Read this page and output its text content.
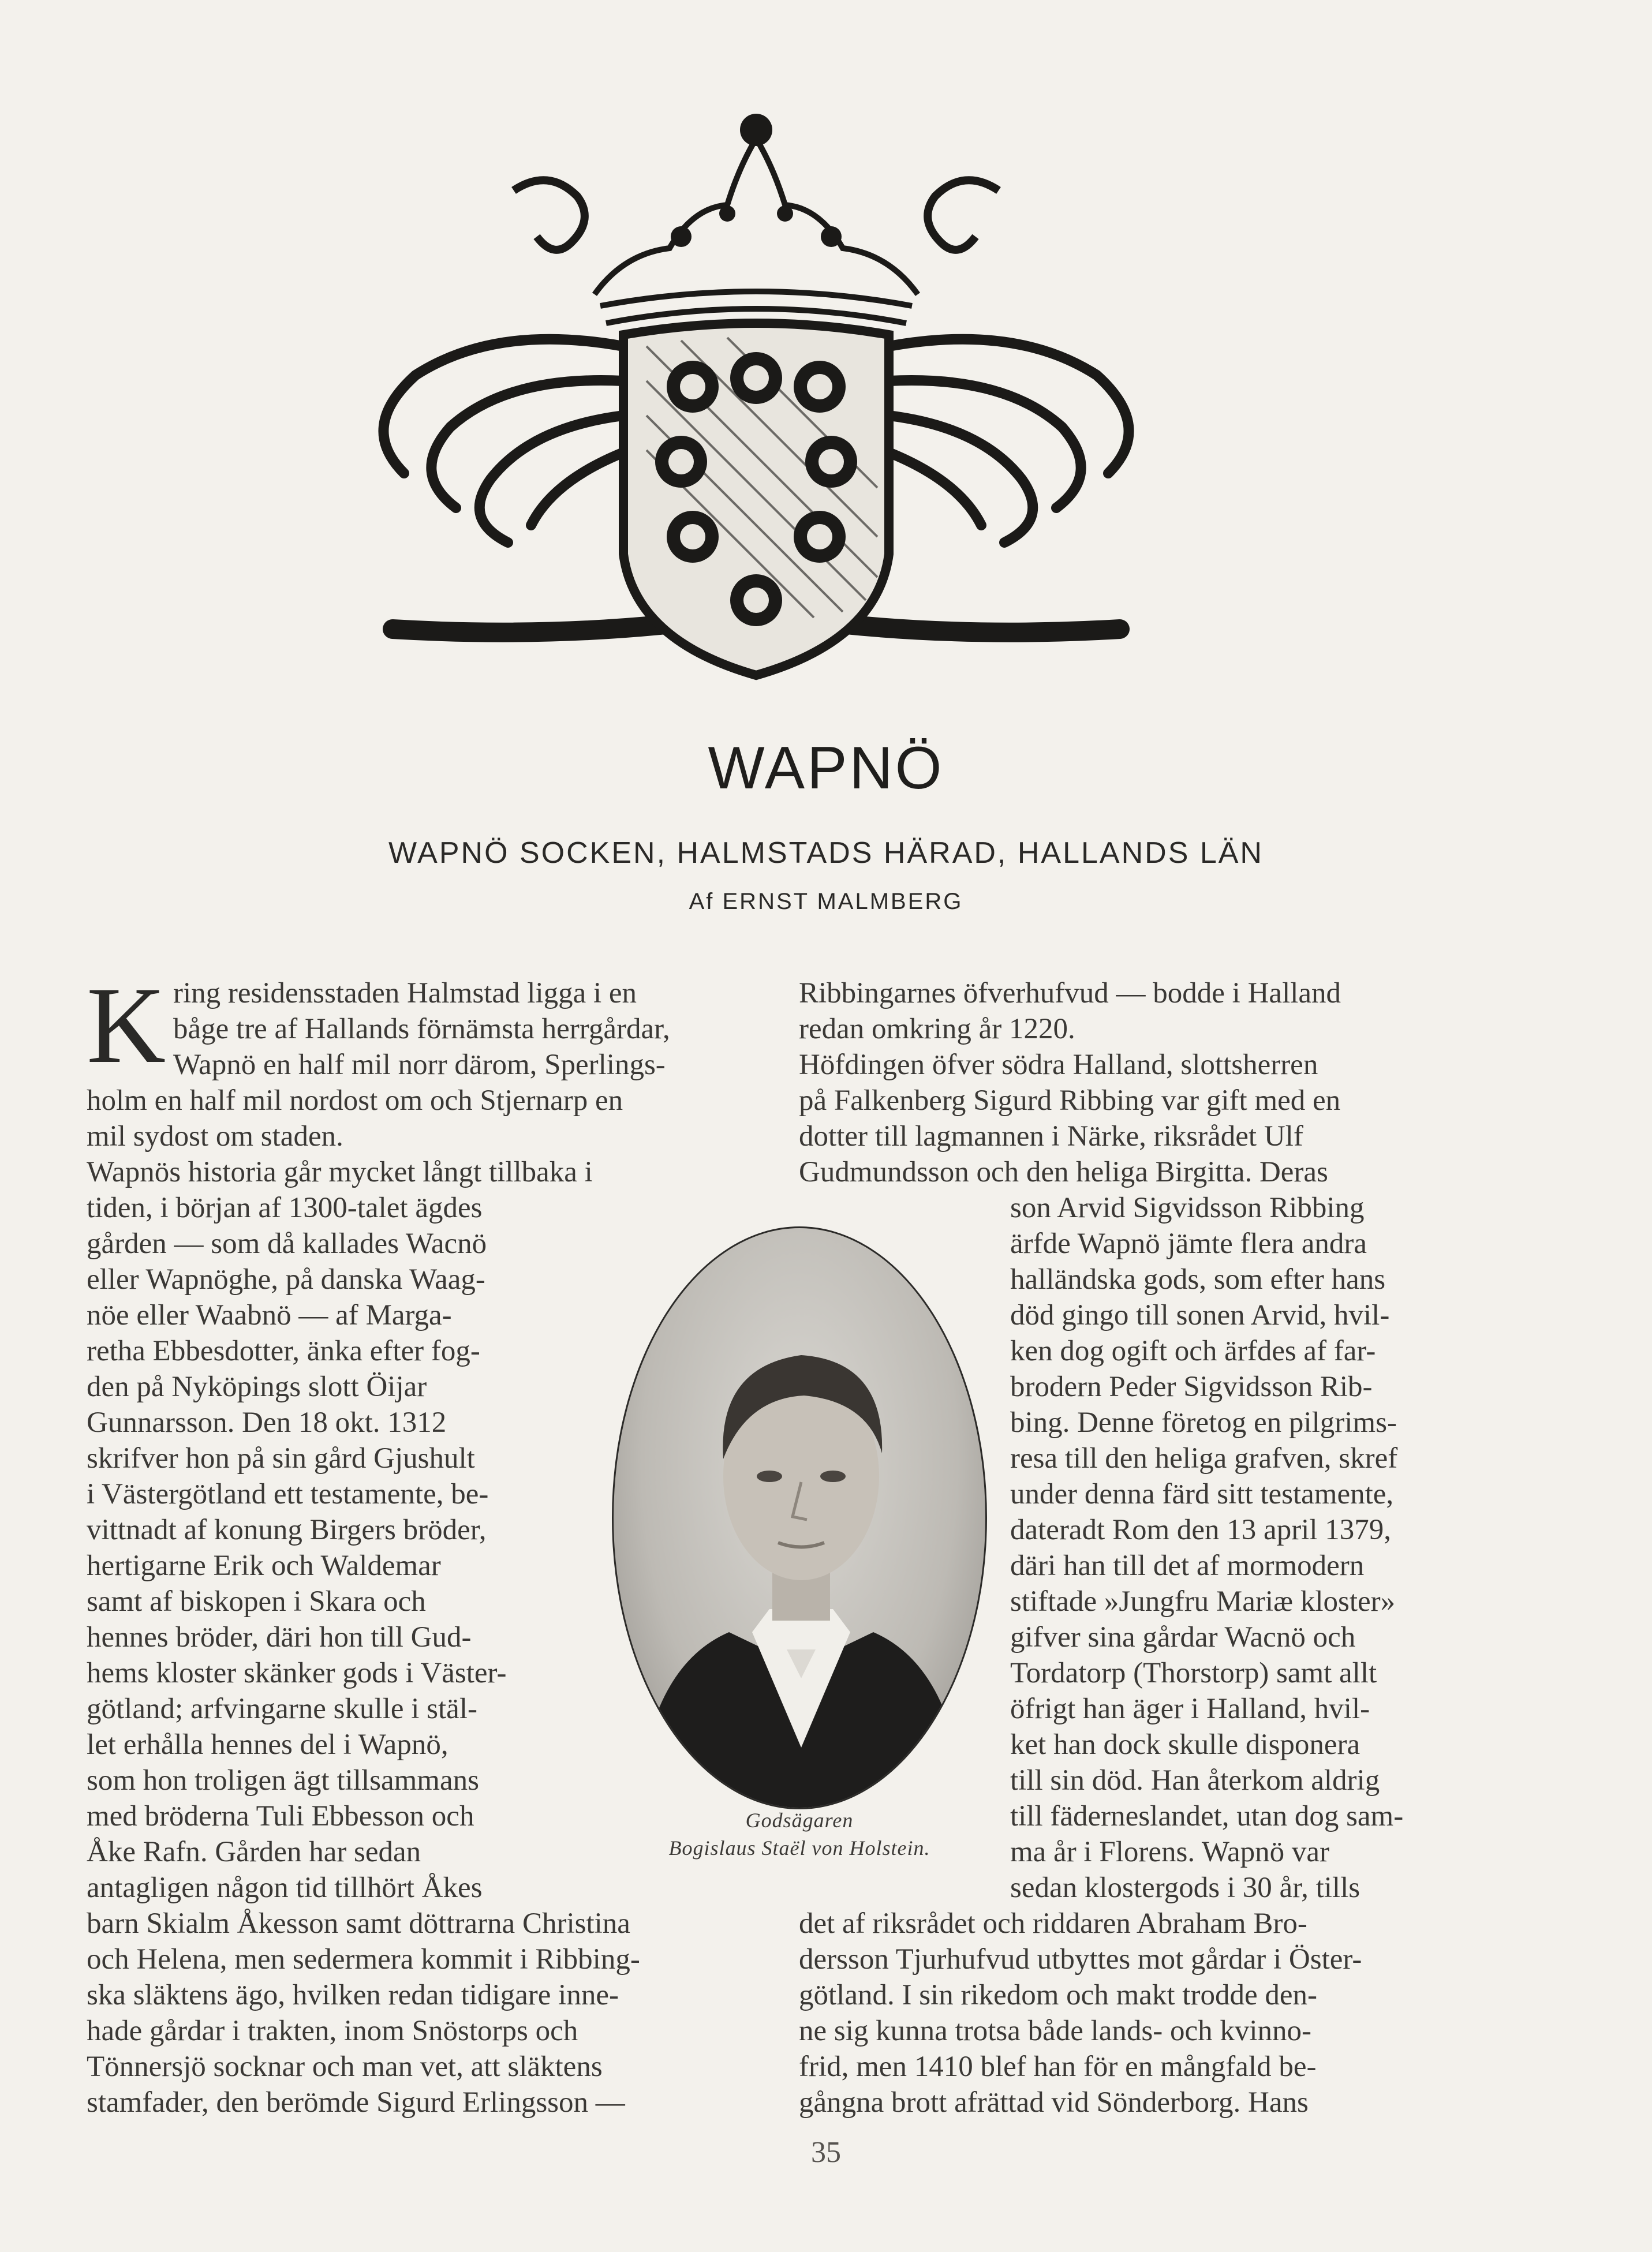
WAPNÖ
WAPNÖ SOCKEN, HALMSTADS HÄRAD, HALLANDS LÄN
Af ERNST MALMBERG

ring residensstaden Halmstad ligga i en

båge tre af Hallands förnämsta herrgårdar,

Wapnö en half mil norr därom, Sperlings-

holm en half mil nordost om och Stjernarp en

mil sydost om staden.

Wapnös historia går mycket långt tillbaka i

tiden, i början af 1300-talet ägdes

gården — som då kallades Wacnö

eller Wapnöghe, på danska Waag-

nöe eller Waabnö — af Marga-

retha Ebbesdotter, änka efter fog-

den på Nyköpings slott Öijar

Gunnarsson. Den 18 okt. 1312

skrifver hon på sin gård Gjushult

i Västergötland ett testamente, be-

vittnadt af konung Birgers bröder,

hertigarne Erik och Waldemar

samt af biskopen i Skara och

hennes bröder, däri hon till Gud-

hems kloster skänker gods i Väster-

götland; arfvingarne skulle i stäl-

let erhålla hennes del i Wapnö,

som hon troligen ägt tillsammans

med bröderna Tuli Ebbesson och

Åke Rafn. Gården har sedan

antagligen någon tid tillhört Åkes

barn Skialm Åkesson samt döttrarna Christina

och Helena, men sedermera kommit i Ribbing-

ska släktens ägo, hvilken redan tidigare inne-

hade gårdar i trakten, inom Snöstorps och

Tönnersjö socknar och man vet, att släktens

stamfader, den berömde Sigurd Erlingsson —

K	Ribbingarnes öfverhufvud — bodde i Halland

redan omkring år 1220.

Höfdingen öfver södra Halland, slottsherren

på Falkenberg Sigurd Ribbing var gift med en

dotter till lagmannen i Närke, riksrådet Ulf

Gudmundsson och den heliga Birgitta. Deras

son Arvid Sigvidsson Ribbing

ärfde Wapnö jämte flera andra

halländska gods, som efter hans

död gingo till sonen Arvid, hvil-

ken dog ogift och ärfdes af far-

brodern Peder Sigvidsson Rib-

bing. Denne företog en pilgrims-

resa till den heliga grafven, skref

under denna färd sitt testamente,

dateradt Rom den 13 april 1379,

däri han till det af mormodern

stiftade »Jungfru Mariæ kloster»

gifver sina gårdar Wacnö och

Tordatorp (Thorstorp) samt allt

öfrigt han äger i Halland, hvil-

ket han dock skulle disponera

till sin död. Han återkom aldrig

till fäderneslandet, utan dog sam-

ma år i Florens. Wapnö var

sedan klostergods i 30 år, tills

det af riksrådet och riddaren Abraham Bro-

dersson Tjurhufvud utbyttes mot gårdar i Öster-

götland. I sin rikedom och makt trodde den-

ne sig kunna trotsa både lands- och kvinno-

frid, men 1410 blef han för en mångfald be-

gångna brott afrättad vid Sönderborg. Hans

Godsägaren
Bogislaus Staël von Holstein.
35
